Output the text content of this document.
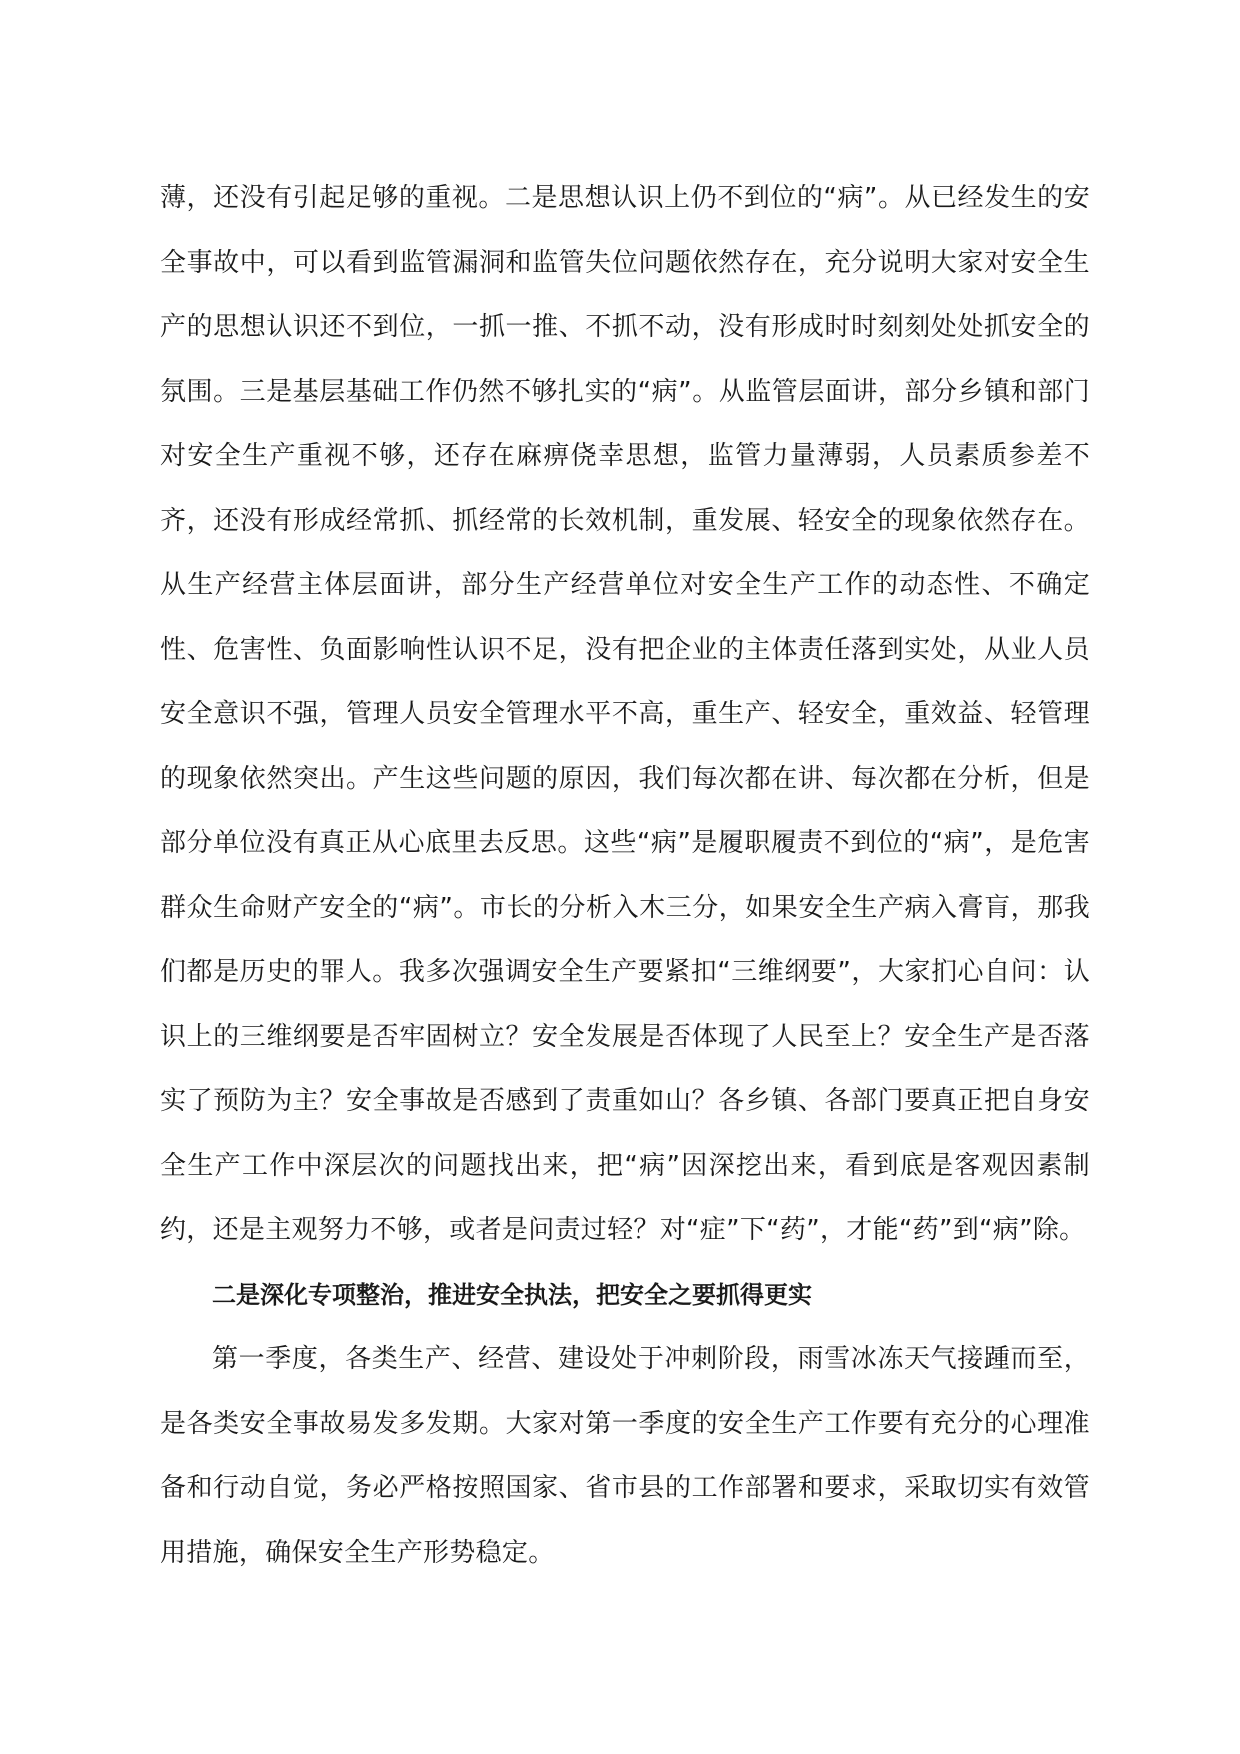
薄，还没有引起足够的重视。二是思想认识上仍不到位的“病”。从已经发生的安全事故中，可以看到监管漏洞和监管失位问题依然存在，充分说明大家对安全生产的思想认识还不到位，一抓一推、不抓不动，没有形成时时刻刻处处抓安全的氛围。三是基层基础工作仍然不够扎实的“病”。从监管层面讲，部分乡镇和部门对安全生产重视不够，还存在麻痹侥幸思想，监管力量薄弱，人员素质参差不齐，还没有形成经常抓、抓经常的长效机制，重发展、轻安全的现象依然存在。从生产经营主体层面讲，部分生产经营单位对安全生产工作的动态性、不确定性、危害性、负面影响性认识不足，没有把企业的主体责任落到实处，从业人员安全意识不强，管理人员安全管理水平不高，重生产、轻安全，重效益、轻管理的现象依然突出。产生这些问题的原因，我们每次都在讲、每次都在分析，但是部分单位没有真正从心底里去反思。这些“病”是履职履责不到位的“病”，是危害群众生命财产安全的“病”。市长的分析入木三分，如果安全生产病入膏肓，那我们都是历史的罪人。我多次强调安全生产要紧扣“三维纲要”，大家扪心自问：认识上的三维纲要是否牢固树立？安全发展是否体现了人民至上？安全生产是否落实了预防为主？安全事故是否感到了责重如山？各乡镇、各部门要真正把自身安全生产工作中深层次的问题找出来，把“病”因深挖出来，看到底是客观因素制约，还是主观努力不够，或者是问责过轻？对“症”下“药”，才能“药”到“病”除。

二是深化专项整治，推进安全执法，把安全之要抓得更实

第一季度，各类生产、经营、建设处于冲刺阶段，雨雪冰冻天气接踵而至，是各类安全事故易发多发期。大家对第一季度的安全生产工作要有充分的心理准备和行动自觉，务必严格按照国家、省市县的工作部署和要求，采取切实有效管用措施，确保安全生产形势稳定。
